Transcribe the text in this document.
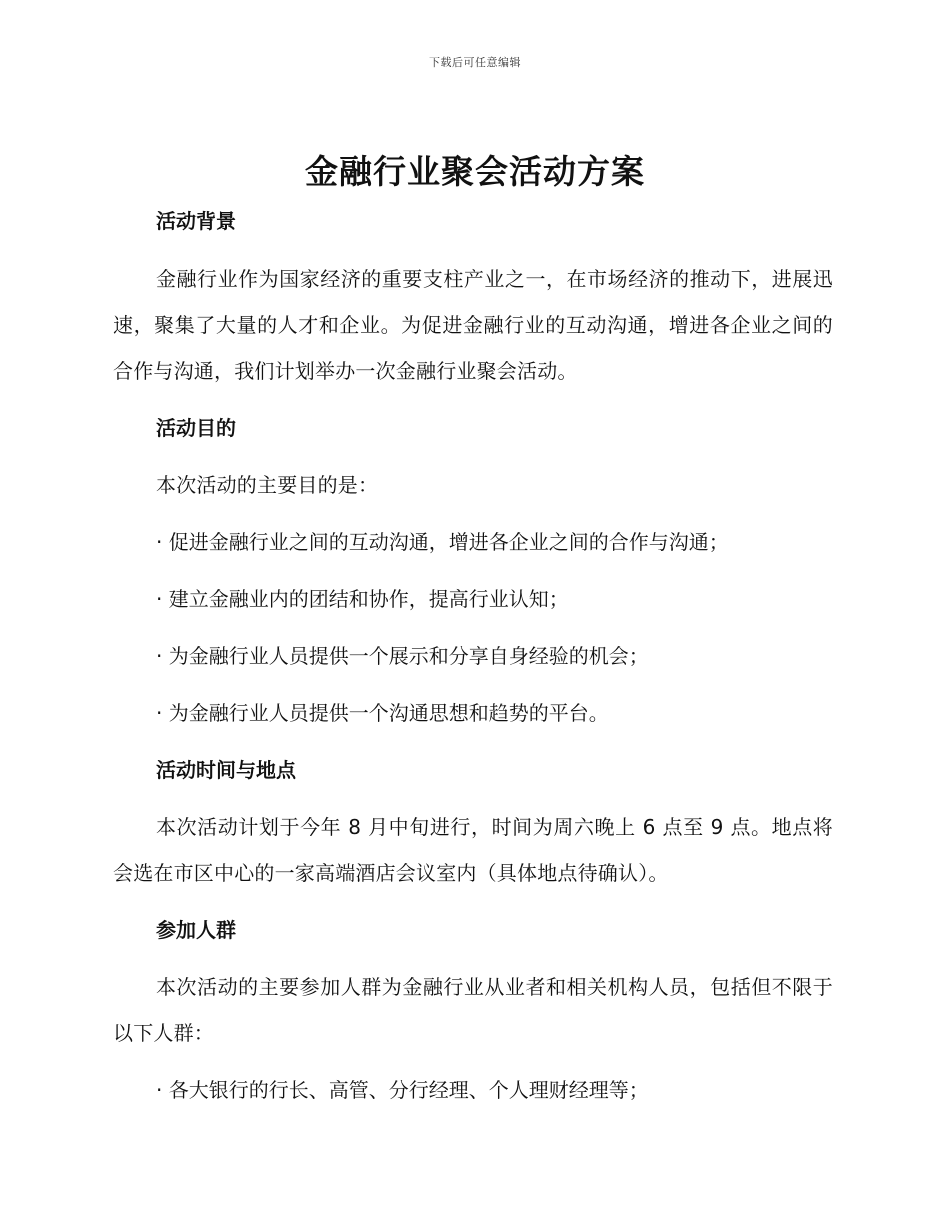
下载后可任意编辑
金融行业聚会活动方案

活动背景

金融行业作为国家经济的重要支柱产业之一，在市场经济的推动下，进展迅速，聚集了大量的人才和企业。为促进金融行业的互动沟通，增进各企业之间的合作与沟通，我们计划举办一次金融行业聚会活动。

活动目的

本次活动的主要目的是：

· 促进金融行业之间的互动沟通，增进各企业之间的合作与沟通；

· 建立金融业内的团结和协作，提高行业认知；

· 为金融行业人员提供一个展示和分享自身经验的机会；

· 为金融行业人员提供一个沟通思想和趋势的平台。

活动时间与地点

本次活动计划于今年 8 月中旬进行，时间为周六晚上 6 点至 9 点。地点将会选在市区中心的一家高端酒店会议室内（具体地点待确认）。

参加人群

本次活动的主要参加人群为金融行业从业者和相关机构人员，包括但不限于以下人群：

· 各大银行的行长、高管、分行经理、个人理财经理等；
